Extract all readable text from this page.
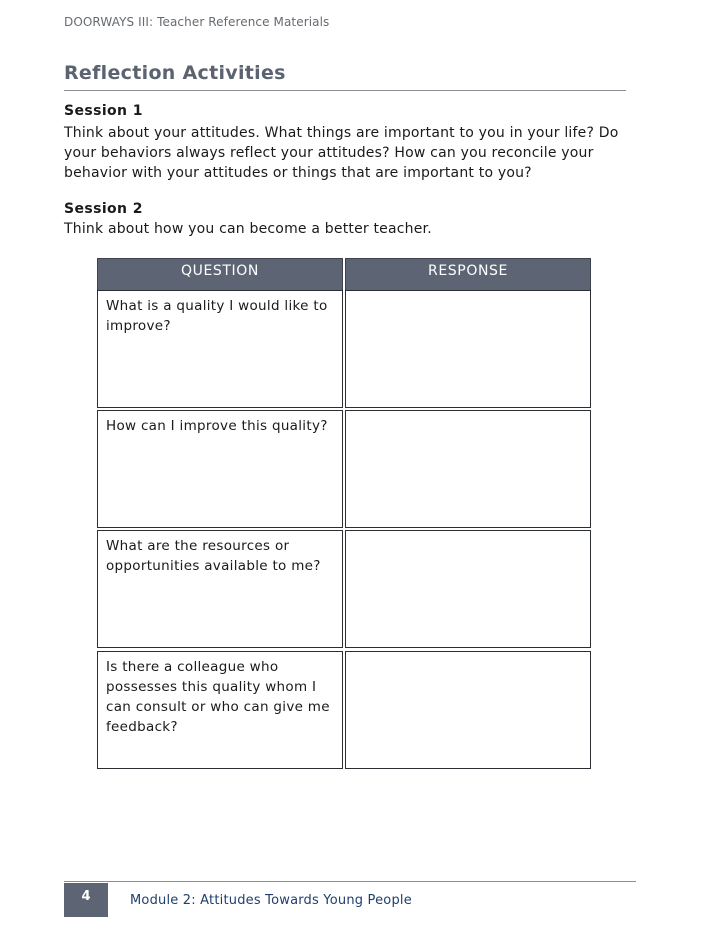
DOORWAYS III: Teacher Reference Materials
Reflection Activities
Session 1
Think about your attitudes. What things are important to you in your life? Do your behaviors always reflect your attitudes? How can you reconcile your behavior with your attitudes or things that are important to you?
Session 2
Think about how you can become a better teacher.
QUESTION	RESPONSE
What is a quality I would like to improve?
How can I improve this quality?
What are the resources or opportunities available to me?
Is there a colleague who possesses this quality whom I can consult or who can give me feedback?
4	Module 2: Attitudes Towards Young People
